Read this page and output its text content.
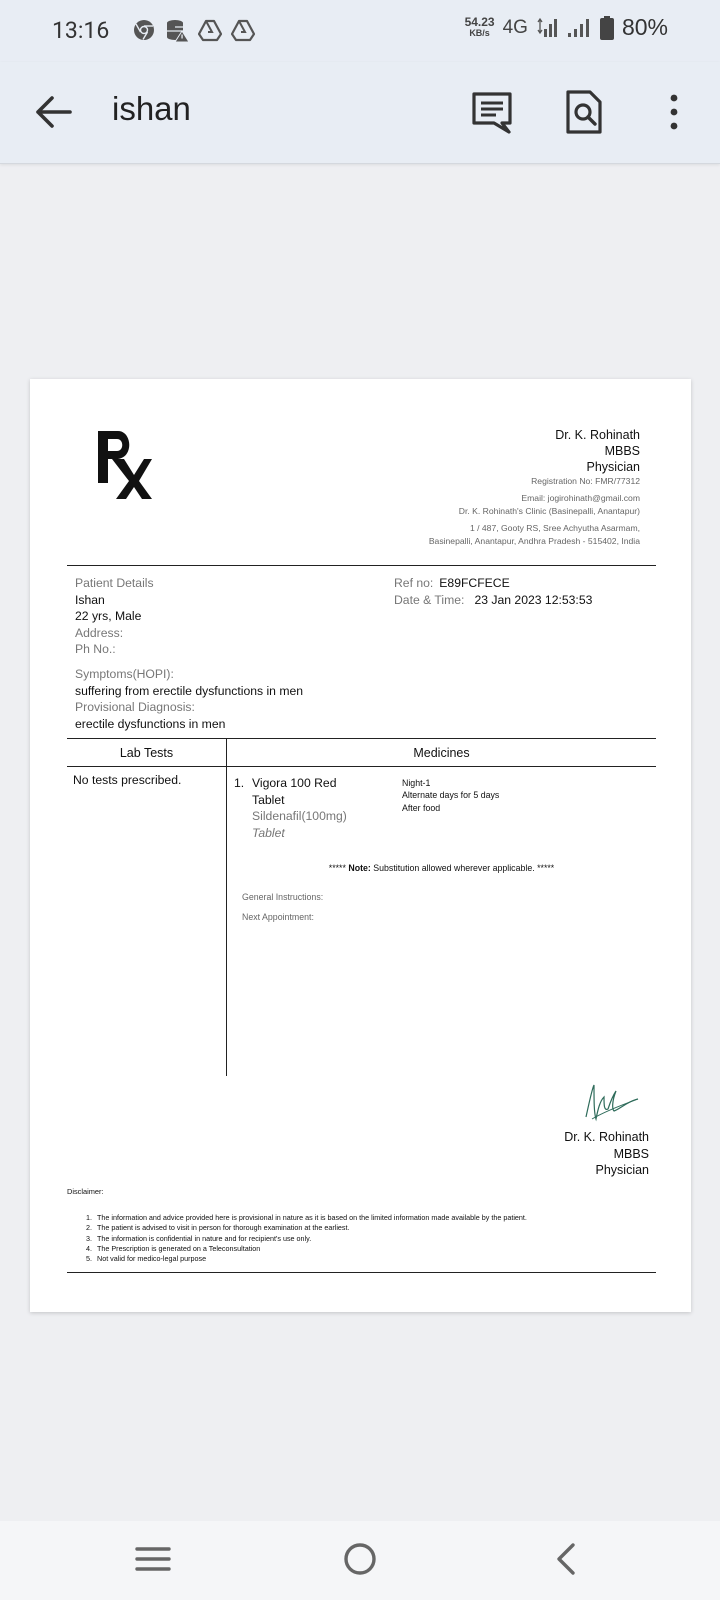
13:16	54.23
KB/s 4G	80%
ishan
Dr. K. Rohinath
MBBS
Physician
Registration No: FMR/77312
Email: jogirohinath@gmail.com
Dr. K. Rohinath's Clinic (Basinepalli, Anantapur)
1 / 487, Gooty RS, Sree Achyutha Asarmam,
Basinepalli, Anantapur, Andhra Pradesh - 515402, India
Patient Details
Ishan
22 yrs, Male
Address:
Ph No.:
Ref no: E89FCFECE
Date & Time: 23 Jan 2023 12:53:53
Symptoms(HOPI):
suffering from erectile dysfunctions in men
Provisional Diagnosis:
erectile dysfunctions in men
Lab Tests	Medicines
No tests prescribed.	1. Vigora 100 Red
Tablet
Sildenafil(100mg)
Tablet
Night-1
Alternate days for 5 days
After food
***** Note: Substitution allowed wherever applicable. *****
General Instructions:
Next Appointment:
Dr. K. Rohinath
MBBS
Physician
Disclaimer:
1. The information and advice provided here is provisional in nature as it is based on the limited information made available by the patient.
2. The patient is advised to visit in person for thorough examination at the earliest.
3. The information is confidential in nature and for recipient's use only.
4. The Prescription is generated on a Teleconsultation
5. Not valid for medico-legal purpose
